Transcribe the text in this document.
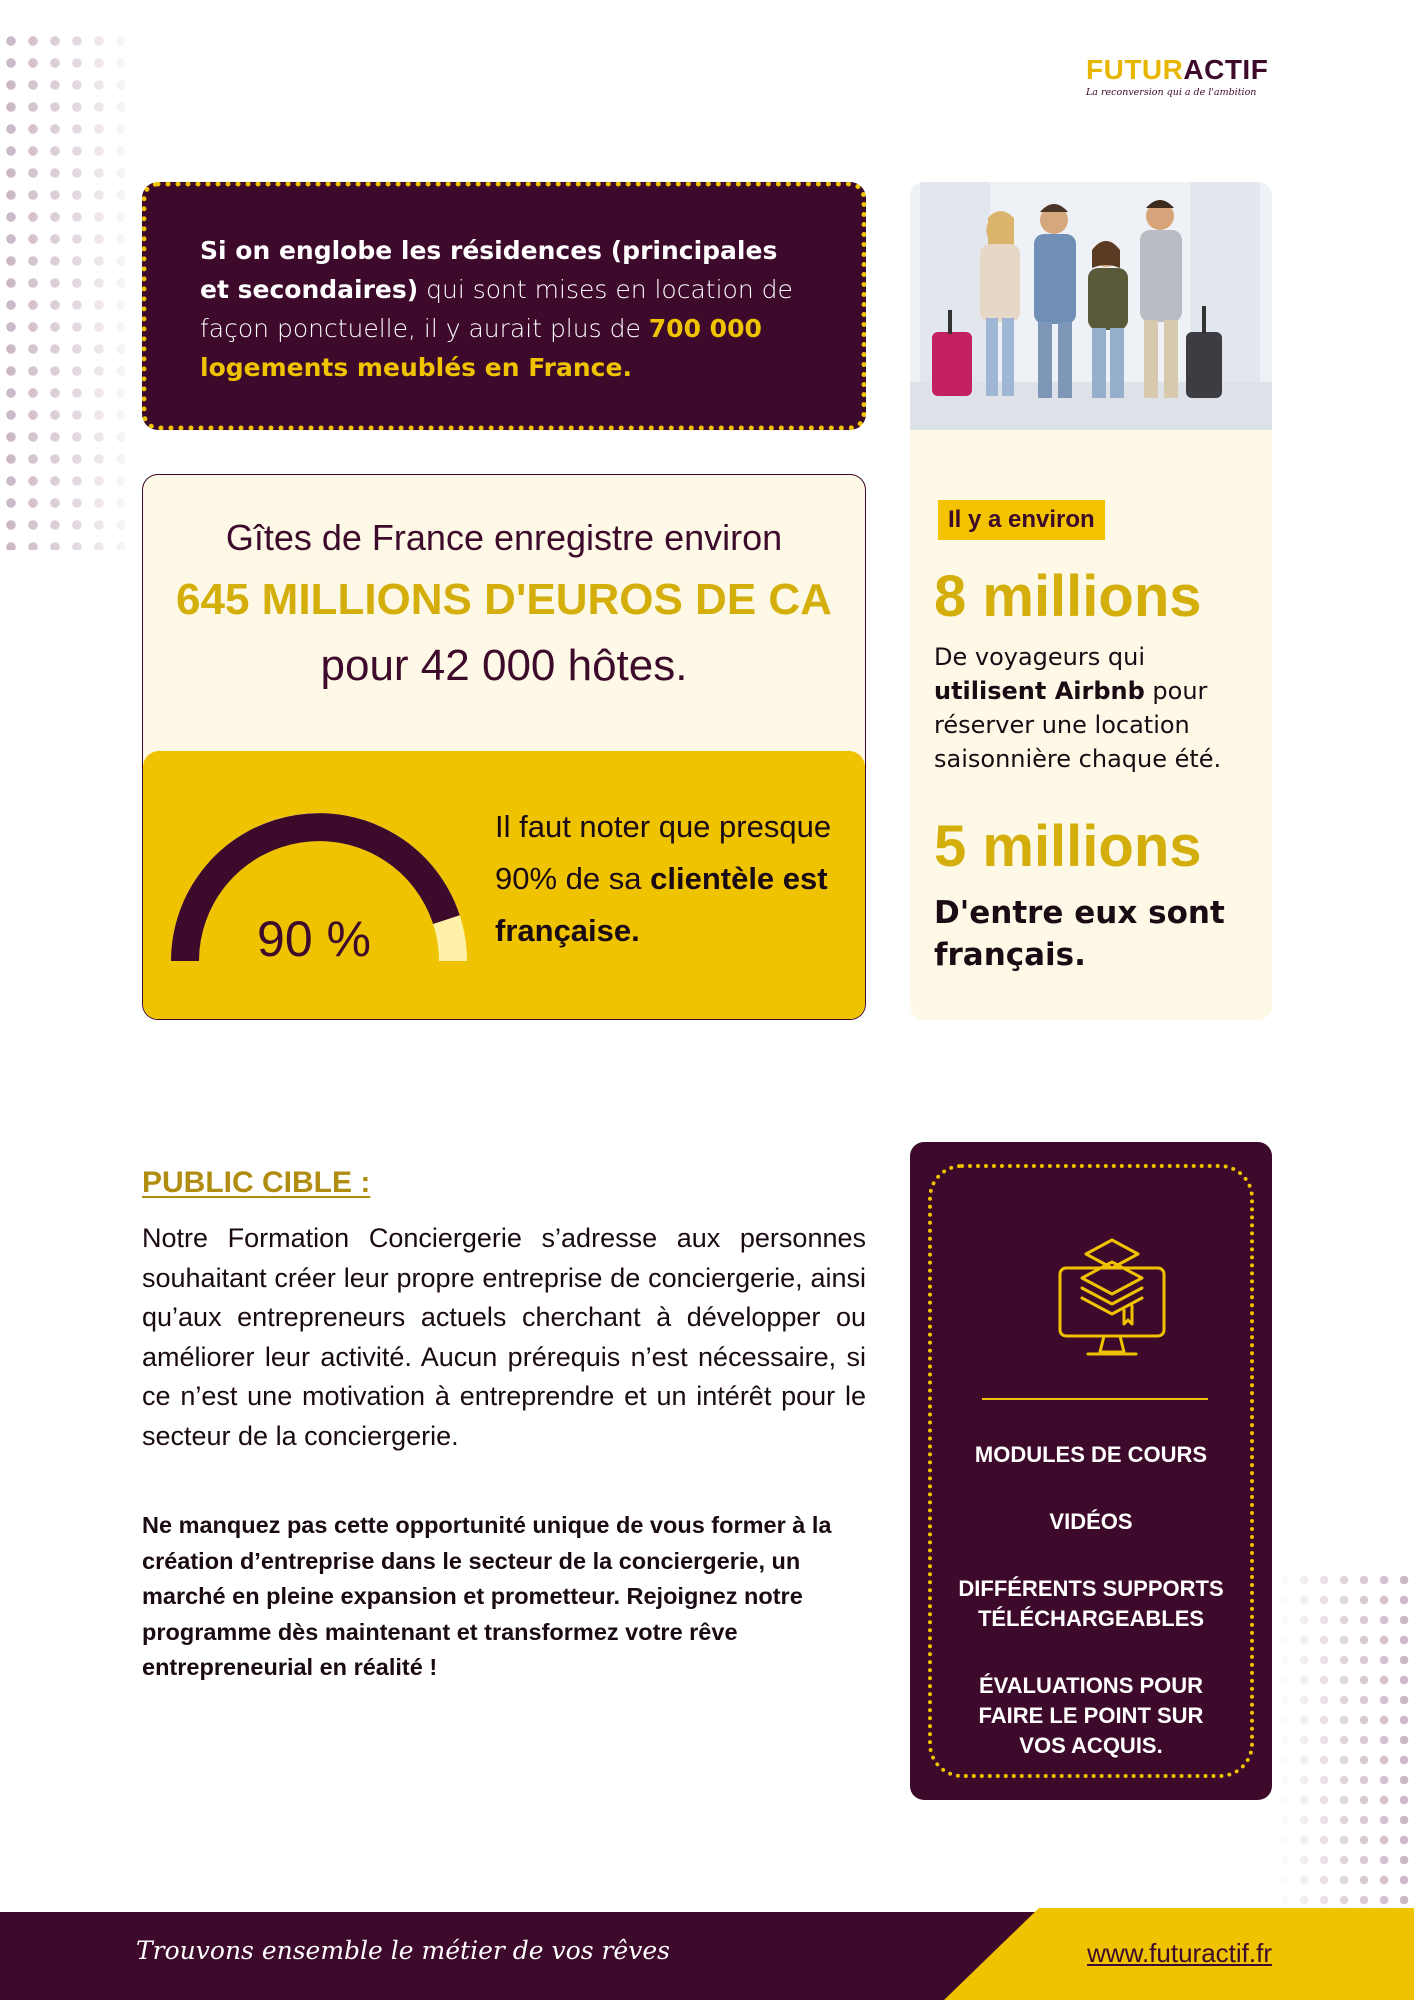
FUTURACTIF
La reconversion qui a de l'ambition

Si on englobe les résidences (principales et secondaires) qui sont mises en location de façon ponctuelle, il y aurait plus de 700 000 logements meublés en France.

Il y a environ
8 millions

De voyageurs qui utilisent Airbnb pour réserver une location saisonnière chaque été.

5 millions
D'entre eux sont français.
Gîtes de France enregistre environ
645 MILLIONS D'EUROS DE CA
pour 42 000 hôtes.
90 %

Il faut noter que presque 90% de sa clientèle est française.

PUBLIC CIBLE :

Notre Formation Conciergerie s’adresse aux personnes souhaitant créer leur propre entreprise de conciergerie, ainsi qu’aux entrepreneurs actuels cherchant à développer ou améliorer leur activité. Aucun prérequis n’est nécessaire, si ce n’est une motivation à entreprendre et un intérêt pour le secteur de la conciergerie.

Ne manquez pas cette opportunité unique de vous former à la création d’entreprise dans le secteur de la conciergerie, un marché en pleine expansion et prometteur. Rejoignez notre programme dès maintenant et transformez votre rêve entrepreneurial en réalité !

MODULES DE COURS
VIDÉOS
DIFFÉRENTS SUPPORTS
TÉLÉCHARGEABLES
ÉVALUATIONS POUR
FAIRE LE POINT SUR
VOS ACQUIS.
Trouvons ensemble le métier de vos rêves	www.futuractif.fr
